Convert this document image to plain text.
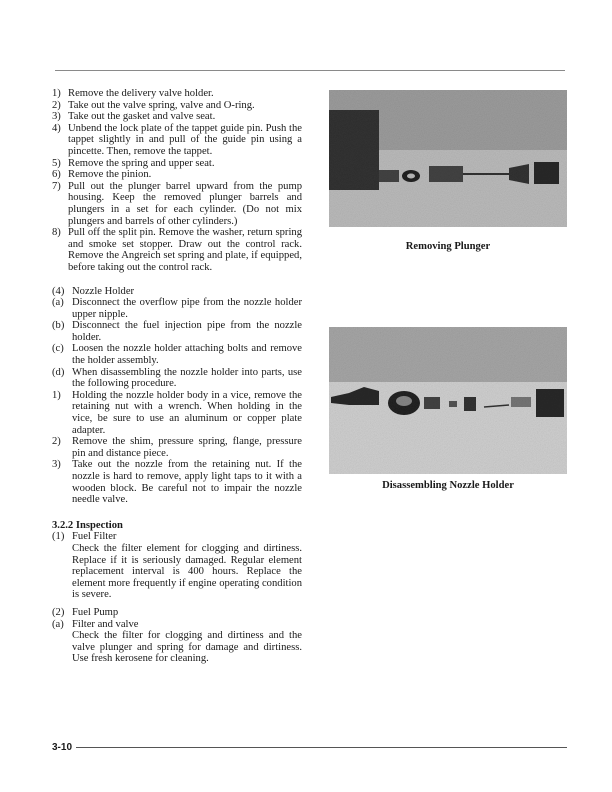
1) Remove the delivery valve holder.
2) Take out the valve spring, valve and O-ring.
3) Take out the gasket and valve seat.
4) Unbend the lock plate of the tappet guide pin. Push the tappet slightly in and pull of the guide pin using a pincette. Then, remove the tappet.
5) Remove the spring and upper seat.
6) Remove the pinion.
7) Pull out the plunger barrel upward from the pump housing. Keep the removed plunger barrels and plungers in a set for each cylinder. (Do not mix plungers and barrels of other cylinders.)
8) Pull off the split pin. Remove the washer, return spring and smoke set stopper. Draw out the control rack. Remove the Angreich set spring and plate, if equipped, before taking out the control rack.
(4) Nozzle Holder
(a) Disconnect the overflow pipe from the nozzle holder upper nipple.
(b) Disconnect the fuel injection pipe from the nozzle holder.
(c) Loosen the nozzle holder attaching bolts and remove the holder assembly.
(d) When disassembling the nozzle holder into parts, use the following procedure.
1)	Holding the nozzle holder body in a vice, remove the retaining nut with a wrench. When holding in the vice, be sure to use an aluminum or copper plate adapter.
2)	Remove the shim, pressure spring, flange, pressure pin and distance piece.
3)	Take out the nozzle from the retaining nut. If the nozzle is hard to remove, apply light taps to it with a wooden block. Be careful not to impair the nozzle needle valve.
3.2.2 Inspection
(1) Fuel Filter
Check the filter element for clogging and dirtiness. Replace if it is seriously damaged. Regular element replacement interval is 400 hours. Replace the element more frequently if engine operating condition is severe.
(2) Fuel Pump
(a) Filter and valve
Check the filter for clogging and dirtiness and the valve plunger and spring for damage and dirtiness. Use fresh kerosene for cleaning.
Removing Plunger
Disassembling Nozzle Holder
3-10
